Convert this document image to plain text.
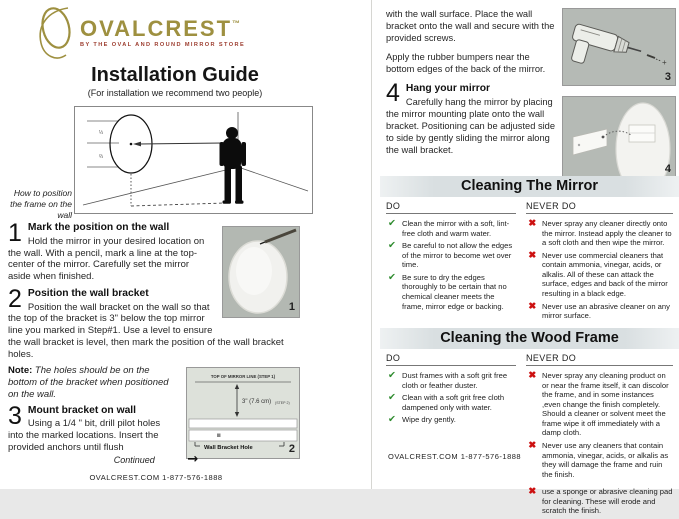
OVALCREST™
BY THE OVAL AND ROUND MIRROR STORE
Installation Guide
(For installation we recommend two people)
How to position the frame on the wall
⅓
⅔
1
1 Mark the position on the wall

Hold the mirror in your desired location on the wall. With a pencil, mark a line at the top-center of the mirror. Carefully set the mirror aside when finished.

2 Position the wall bracket

Position the wall bracket on the wall so that the top of the bracket is 3" below the top mirror line you marked in Step#1. Use a level to ensure the wall bracket is level, then mark the position of the wall bracket holes.

TOP OF MIRROR LINE (STEP 1)
3" (7.6 cm) (STEP 2)
Wall Bracket Hole	2

Note: The holes should be on the bottom of the bracket when positioned on the wall.

3 Mount bracket on wall

Using a 1/4 " bit, drill pilot holes into the marked locations. Insert the provided anchors until flush

Continued	→
OVALCREST.COM 1-877-576-1888

with the wall surface. Place the wall bracket onto the wall and secure with the provided screws.

Apply the rubber bumpers near the bottom edges of the back of the mirror.

4 Hang your mirror

Carefully hang the mirror by placing the mirror mounting plate onto the wall bracket. Positioning can be adjusted side to side by gently sliding the mirror along the wall bracket.

+
3
4
Cleaning The Mirror
DO
✔ Clean the mirror with a soft, lint-free cloth and warm water.
✔ Be careful to not allow the edges of the mirror to become wet over time.
✔ Be sure to dry the edges thoroughly to be certain that no chemical cleaner meets the frame, mirror edge or backing.
NEVER DO
✖ Never spray any cleaner directly onto the mirror. Instead apply the cleaner to a soft cloth and then wipe the mirror.
✖ Never use commercial cleaners that contain ammonia, vinegar, acids, or alkalis. All of these can attack the surface, edges and back of the mirror resulting in a black edge.
✖ Never use an abrasive cleaner on any mirror surface.
Cleaning the Wood Frame
DO
✔ Dust frames with a soft grit free cloth or feather duster.
✔ Clean with a soft grit free cloth dampened only with water.
✔ Wipe dry gently.
NEVER DO
✖ Never spray any cleaning product on or near the frame itself, it can discolor the frame, and in some instances ,even change the finish completely. Should a cleaner or solvent meet the frame wipe it off immediately with a damp cloth.
✖ Never use any cleaners that contain ammonia, vinegar, acids, or alkalis as they will damage the frame and ruin the finish.
✖ use a sponge or abrasive cleaning pad for cleaning. These will erode and scratch the finish.
OVALCREST.COM 1-877-576-1888
